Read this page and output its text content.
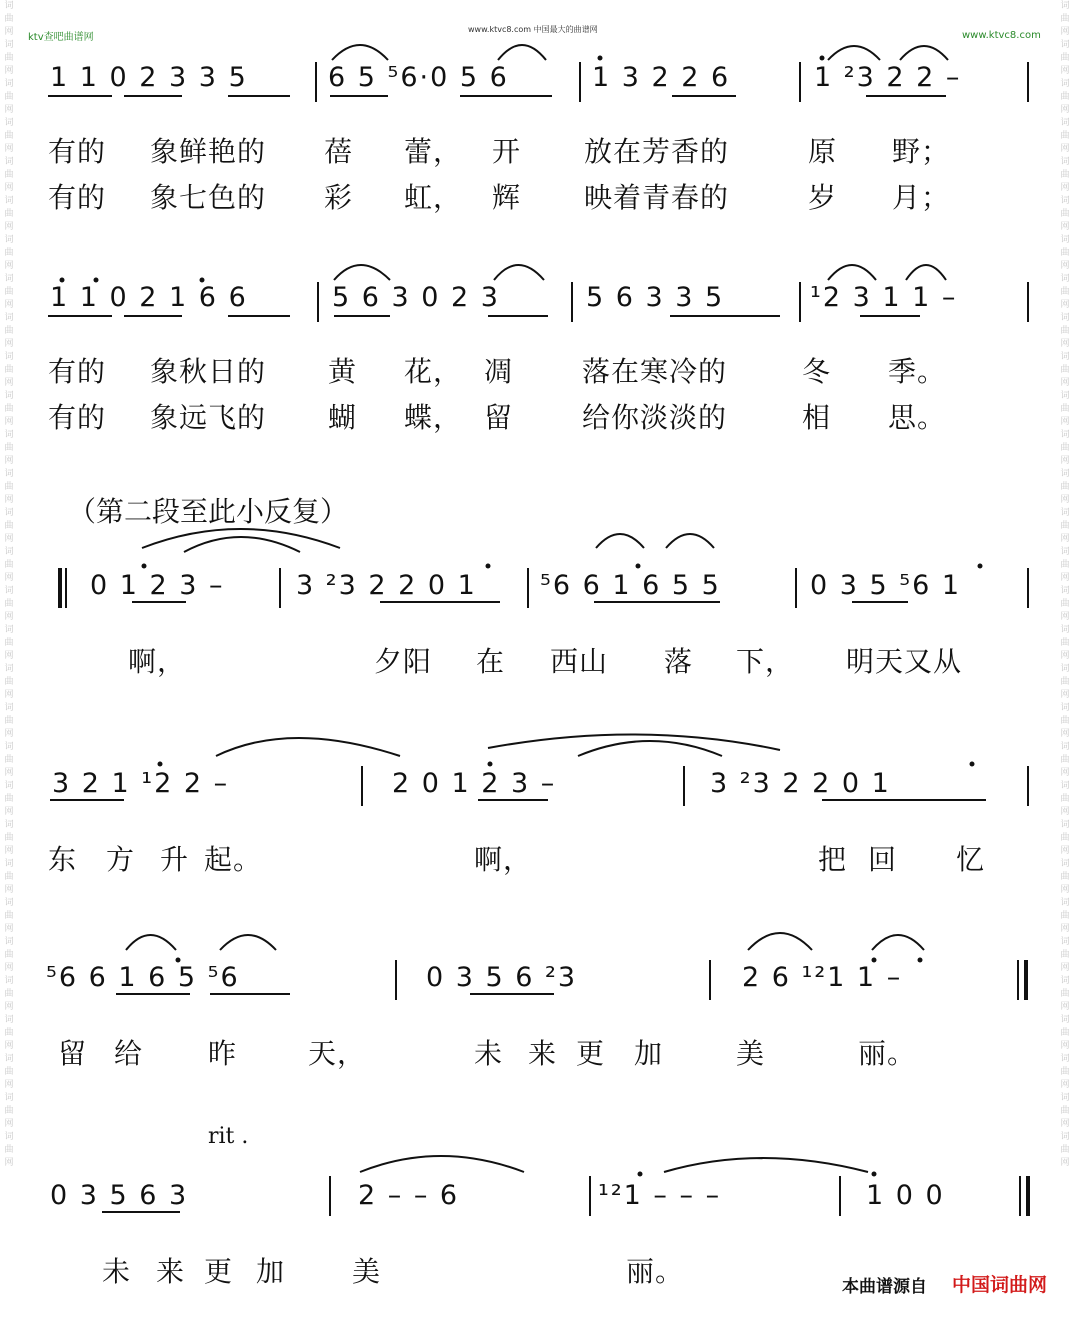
ktv查吧曲谱网
www.ktvc8.com 中国最大的曲谱网
www.ktvc8.com
词曲网词曲网词曲网词曲网词曲网词曲网词曲网词曲网词曲网词曲网词曲网词曲网词曲网词曲网词曲网词曲网词曲网词曲网词曲网词曲网词曲网词曲网词曲网词曲网词曲网词曲网词曲网词曲网词曲网词曲网
词曲网词曲网词曲网词曲网词曲网词曲网词曲网词曲网词曲网词曲网词曲网词曲网词曲网词曲网词曲网词曲网词曲网词曲网词曲网词曲网词曲网词曲网词曲网词曲网词曲网词曲网词曲网词曲网词曲网词曲网
1 1 0 2 3 3 5	6 5 ⁵6·0 5 6	1 3 2 2 6	1 ²3 2 2 –
有的 象鲜艳的 蓓 蕾， 开 放在芳香的	原 野；
有的 象七色的 彩 虹， 辉 映着青春的	岁 月；
1 1 0 2 1 6 6	5 6 3 0 2 3	5 6 3 3 5	¹2 3 1 1 –
有的 象秋日的 黄 花， 凋 落在寒冷的	冬 季。
有的 象远飞的 蝴 蝶， 留 给你淡淡的	相 思。
（第二段至此小反复）
0 1 2 3 –	3 ²3 2 2 0 1 ⁵6 6 1 6 5 5	0 3 5 ⁵6 1
啊，	夕阳 在 西山 落 下， 明天又从
3 2 1 ¹2 2 –	2 0 1 2 3 –	3 ²3 2 2 0 1
东 方 升 起。	啊，	把 回 忆
⁵6 6 1 6 5 ⁵6	0 3 5 6 ²3	2 6 ¹²1 1 –
留 给 昨	天，	未 来 更 加	美	丽。
rit .
0 3 5 6 3	2 – – 6	¹²1 – – –	1 0 0
未 来 更 加 美	丽。	本曲谱源自 中国词曲网
